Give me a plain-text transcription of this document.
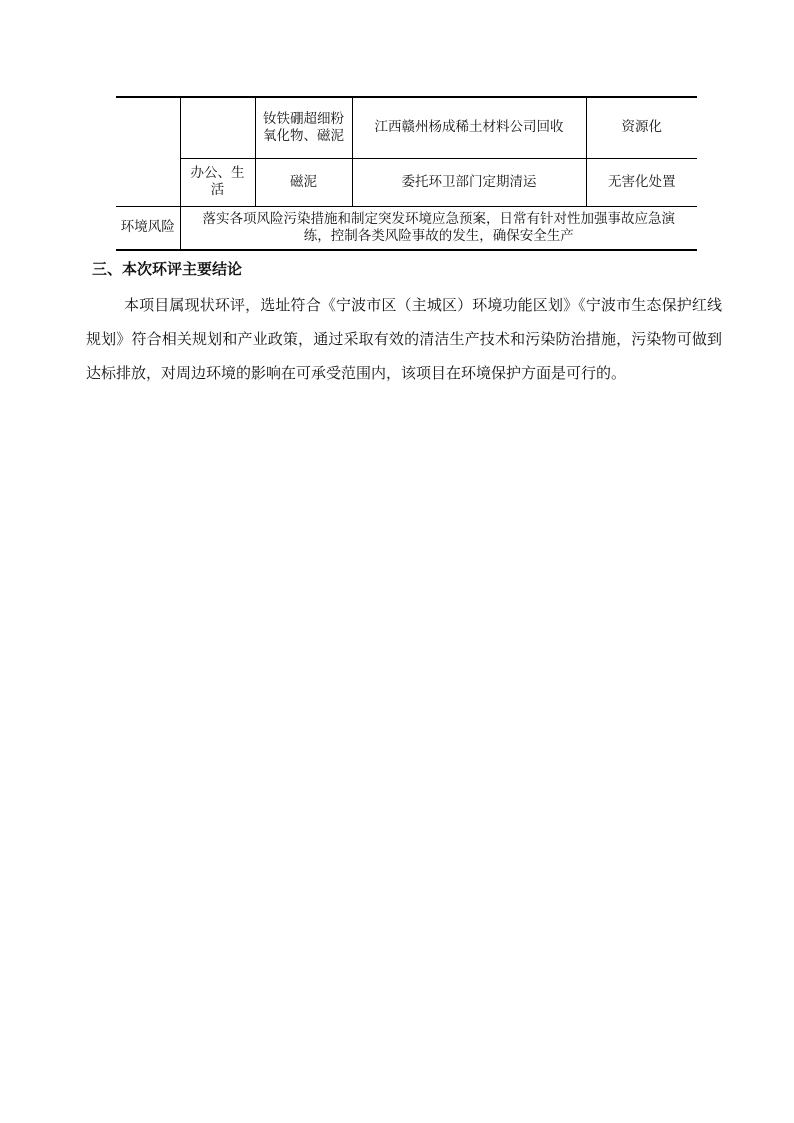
		钕铁硼超细粉氧化物、磁泥	江西赣州杨成稀土材料公司回收	资源化

	办公、生活	磁泥	委托环卫部门定期清运	无害化处置

环境风险	落实各项风险污染措施和制定突发环境应急预案，日常有针对性加强事故应急演练，控制各类风险事故的发生，确保安全生产			
三、本次环评主要结论

本项目属现状环评，选址符合《宁波市区（主城区）环境功能区划》《宁波市生态保护红线规划》符合相关规划和产业政策，通过采取有效的清洁生产技术和污染防治措施，污染物可做到达标排放，对周边环境的影响在可承受范围内，该项目在环境保护方面是可行的。
